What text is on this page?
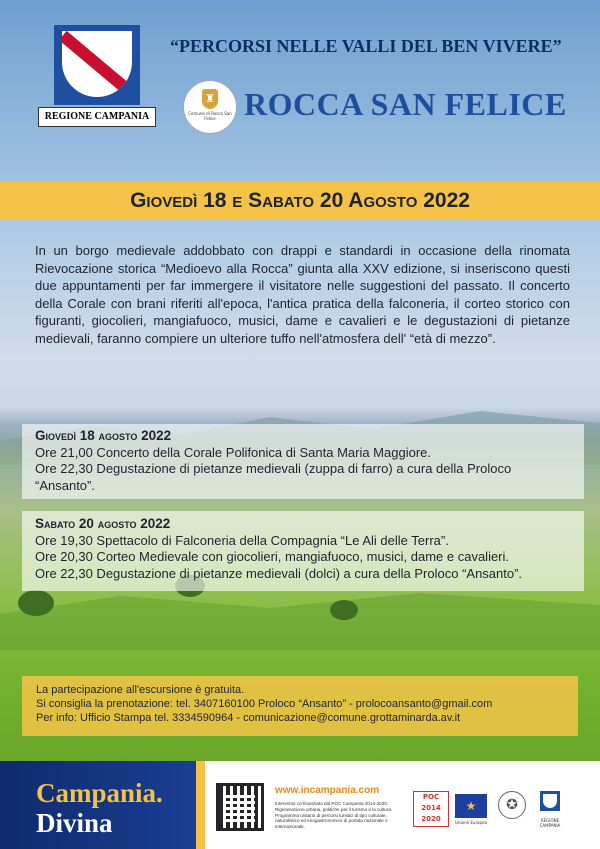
REGIONE CAMPANIA
“PERCORSI NELLE VALLI DEL BEN VIVERE”
♜
Comune di Rocca San Felice ROCCA SAN FELICE
Giovedì 18 e Sabato 20 Agosto 2022
In un borgo medievale addobbato con drappi e standardi in occasione della rinomata Rievocazione storica “Medioevo alla Rocca” giunta alla XXV edizione, si inseriscono questi due appuntamenti per far immergere il visitatore nelle suggestioni del passato. Il concerto della Corale con brani riferiti all'epoca, l'antica pratica della falconeria, il corteo storico con figuranti, giocolieri, mangiafuoco, musici, dame e cavalieri e le degustazioni di pietanze medievali, faranno compiere un ulteriore tuffo nell'atmosfera dell' “età di mezzo”.
Giovedì 18 agosto 2022
Ore 21,00 Concerto della Corale Polifonica di Santa Maria Maggiore.
Ore 22,30 Degustazione di pietanze medievali (zuppa di farro) a cura della Proloco
“Ansanto”.
Sabato 20 agosto 2022
Ore 19,30 Spettacolo di Falconeria della Compagnia “Le Ali delle Terra”.
Ore 20,30 Corteo Medievale con giocolieri, mangiafuoco, musici, dame e cavalieri.
Ore 22,30 Degustazione di pietanze medievali (dolci) a cura della Proloco “Ansanto”.
La partecipazione all'escursione è gratuita.
Si consiglia la prenotazione: tel. 3407160100 Proloco “Ansanto” - prolocoansanto@gmail.com
Per info: Ufficio Stampa tel. 3334590964 - comunicazione@comune.grottaminarda.av.it
Campania.
Divina
www.incampania.com
Intervento co-finanziato dal POC Campania 2014-2020. Rigenerazione urbana, politiche per il turismo e la cultura. Programma unitario di percorsi turistici di tipo culturale, naturalistico ed enogastronomico di portata nazionale e internazionale.
POC
2014
2020
★
Unione Europea
✪
REGIONE CAMPANIA
